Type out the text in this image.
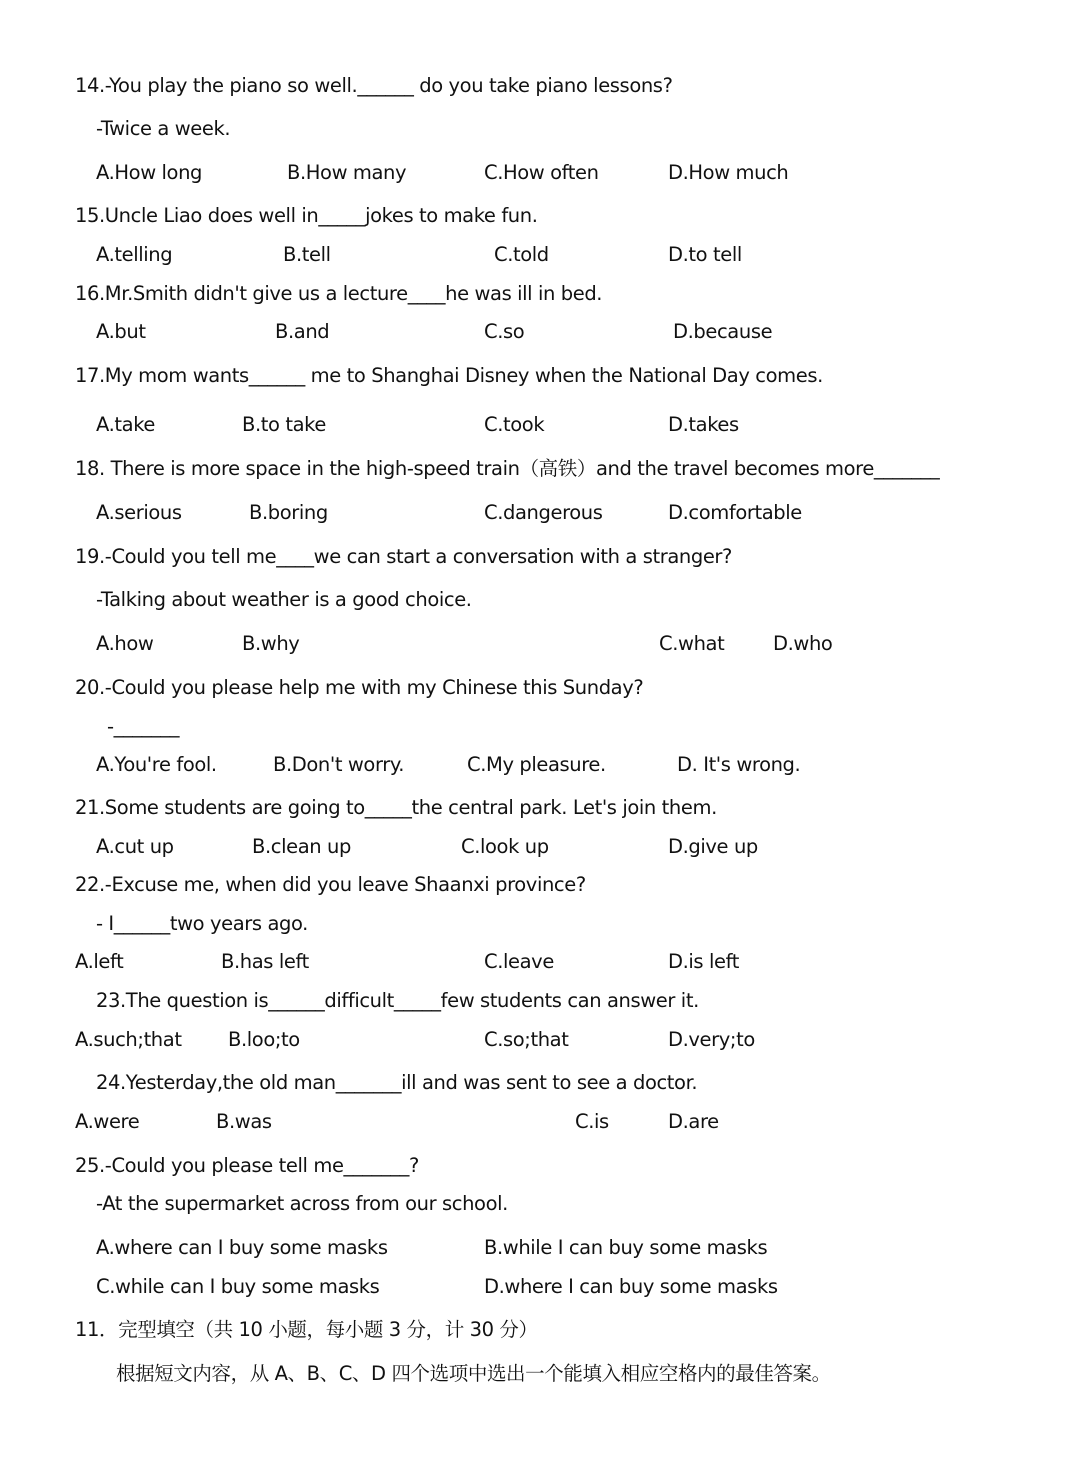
14.-You play the piano so well.______ do you take piano lessons?
-Twice a week.
A.How long	B.How many	C.How often	D.How much
15.Uncle Liao does well in_____jokes to make fun.
A.telling	B.tell	C.told	D.to tell
16.Mr.Smith didn't give us a lecture____he was ill in bed.
A.but	B.and	C.so	D.because
17.My mom wants______ me to Shanghai Disney when the National Day comes.
A.take	B.to take	C.took	D.takes
18. There is more space in the high-speed train（高铁）and the travel becomes more_______
A.serious	B.boring	C.dangerous	D.comfortable
19.-Could you tell me____we can start a conversation with a stranger?
-Talking about weather is a good choice.
A.how	B.why	C.what D.who
20.-Could you please help me with my Chinese this Sunday?
-_______
A.You're fool.	B.Don't worry.	C.My pleasure.	D. It's wrong.
21.Some students are going to_____the central park. Let's join them.
A.cut up	B.clean up	C.look up	D.give up
22.-Excuse me, when did you leave Shaanxi province?
- I______two years ago.
A.left	B.has left	C.leave	D.is left
23.The question is______difficult_____few students can answer it.
A.such;that B.loo;to	C.so;that	D.very;to
24.Yesterday,the old man_______ill and was sent to see a doctor.
A.were	B.was	C.is	D.are
25.-Could you please tell me_______?
-At the supermarket across from our school.
A.where can I buy some masks	B.while I can buy some masks
C.while can I buy some masks	D.where I can buy some masks
11．完型填空（共 10 小题，每小题 3 分，计 30 分）
根据短文内容，从 A、B、C、D 四个选项中选出一个能填入相应空格内的最佳答案。
